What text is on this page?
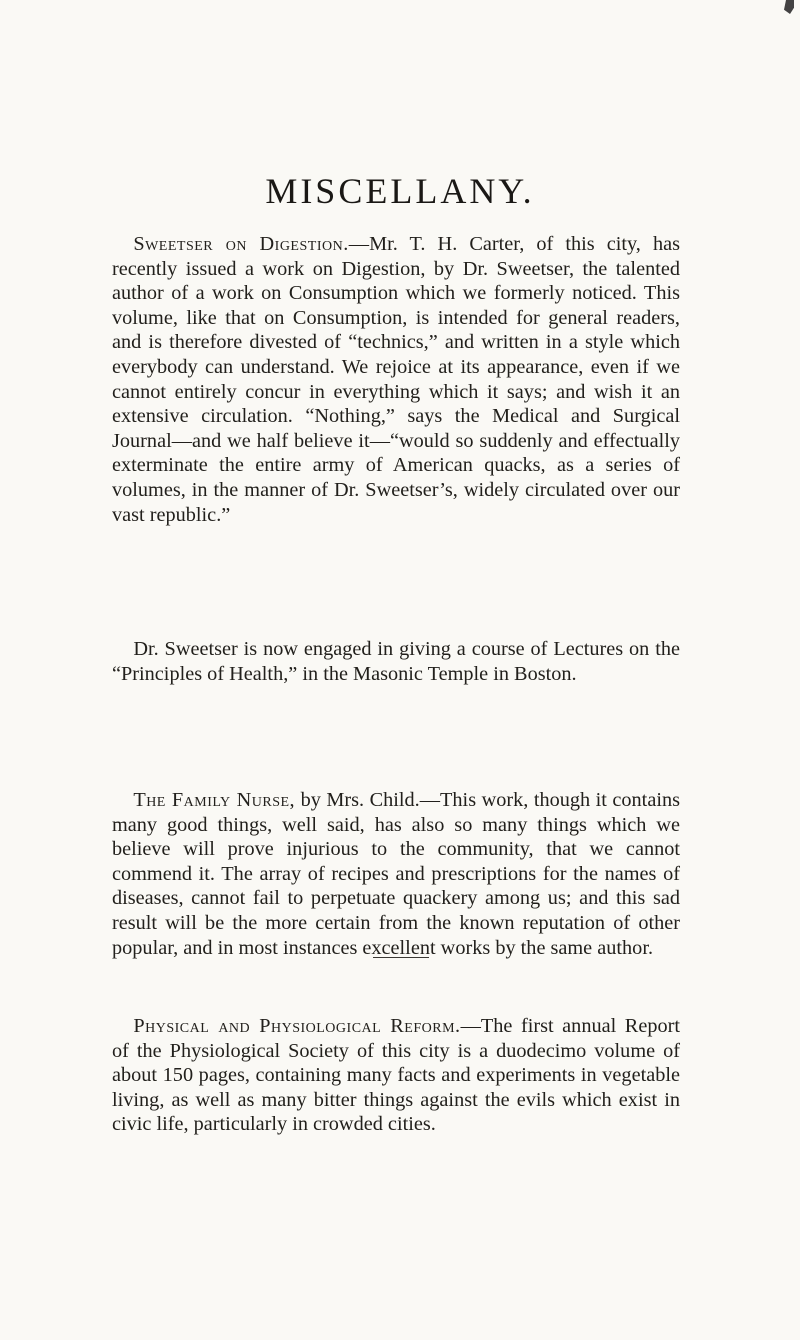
MISCELLANY.

Sweetser on Digestion.—Mr. T. H. Carter, of this city, has recently issued a work on Digestion, by Dr. Sweetser, the talented author of a work on Consumption which we formerly noticed. This volume, like that on Consumption, is intended for general readers, and is therefore divested of “technics,” and written in a style which everybody can understand. We rejoice at its appearance, even if we cannot entirely concur in everything which it says; and wish it an extensive circulation. “Nothing,” says the Medical and Surgical Journal—and we half believe it—“would so suddenly and effectually exterminate the entire army of American quacks, as a series of volumes, in the manner of Dr. Sweetser’s, widely circulated over our vast republic.”

Dr. Sweetser is now engaged in giving a course of Lectures on the “Principles of Health,” in the Masonic Temple in Boston.

The Family Nurse, by Mrs. Child.—This work, though it contains many good things, well said, has also so many things which we believe will prove injurious to the community, that we cannot commend it. The array of recipes and prescriptions for the names of diseases, cannot fail to perpetuate quackery among us; and this sad result will be the more certain from the known reputation of other popular, and in most instances excellent works by the same author.

Physical and Physiological Reform.—The first annual Report of the Physiological Society of this city is a duodecimo volume of about 150 pages, containing many facts and experiments in vegetable living, as well as many bitter things against the evils which exist in civic life, particularly in crowded cities.
